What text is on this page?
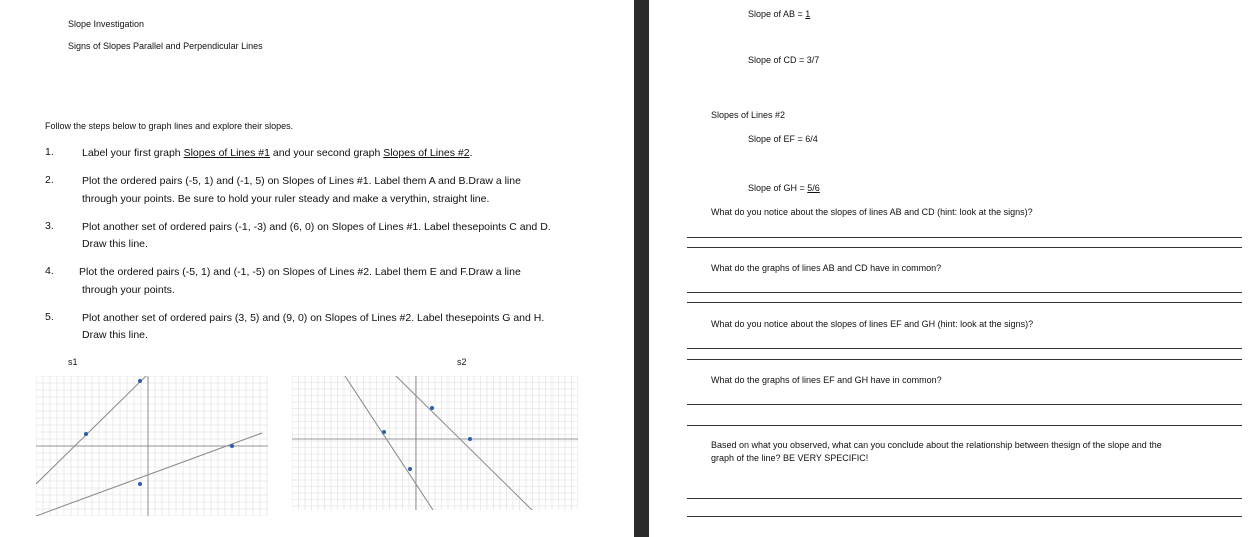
Slope Investigation
Signs of Slopes Parallel and Perpendicular Lines
Follow the steps below to graph lines and explore their slopes.
1.	Label your first graph Slopes of Lines #1 and your second graph Slopes of Lines #2.
2.	Plot the ordered pairs (-5, 1) and (-1, 5) on Slopes of Lines #1. Label them A and B.Draw a line
through your points. Be sure to hold your ruler steady and make a verythin, straight line.
3.	Plot another set of ordered pairs (-1, -3) and (6, 0) on Slopes of Lines #1. Label thesepoints C and D.
Draw this line.
4. Plot the ordered pairs (-5, 1) and (-1, -5) on Slopes of Lines #2. Label them E and F.Draw a line
through your points.
5.	Plot another set of ordered pairs (3, 5) and (9, 0) on Slopes of Lines #2. Label thesepoints G and H.
Draw this line.
s1	s2
Slope of AB = 1
Slope of CD = 3/7
Slopes of Lines #2
Slope of EF = 6/4
Slope of GH = 5/6
What do you notice about the slopes of lines AB and CD (hint: look at the signs)?
What do the graphs of lines AB and CD have in common?
What do you notice about the slopes of lines EF and GH (hint: look at the signs)?
What do the graphs of lines EF and GH have in common?
Based on what you observed, what can you conclude about the relationship between thesign of the slope and the
graph of the line? BE VERY SPECIFIC!
